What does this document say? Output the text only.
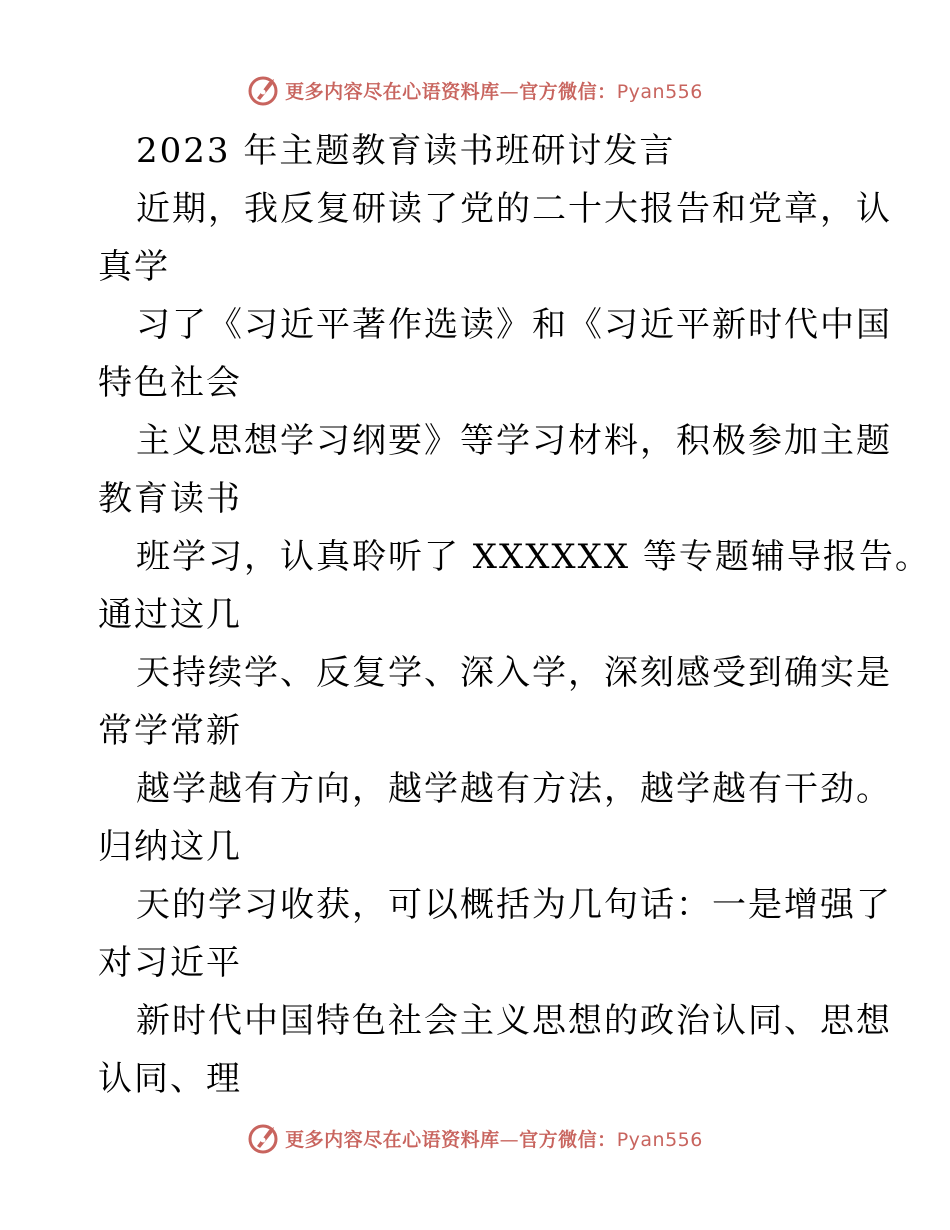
更多内容尽在心语资料库—官方微信：Pyan556
2023 年主题教育读书班研讨发言
近期，我反复研读了党的二十大报告和党章，认
真学
习了《习近平著作选读》和《习近平新时代中国
特色社会
主义思想学习纲要》等学习材料，积极参加主题
教育读书
班学习，认真聆听了 XXXXXX 等专题辅导报告。
通过这几
天持续学、反复学、深入学，深刻感受到确实是
常学常新
越学越有方向，越学越有方法，越学越有干劲。
归纳这几
天的学习收获，可以概括为几句话：一是增强了
对习近平
新时代中国特色社会主义思想的政治认同、思想
认同、理
更多内容尽在心语资料库—官方微信：Pyan556
